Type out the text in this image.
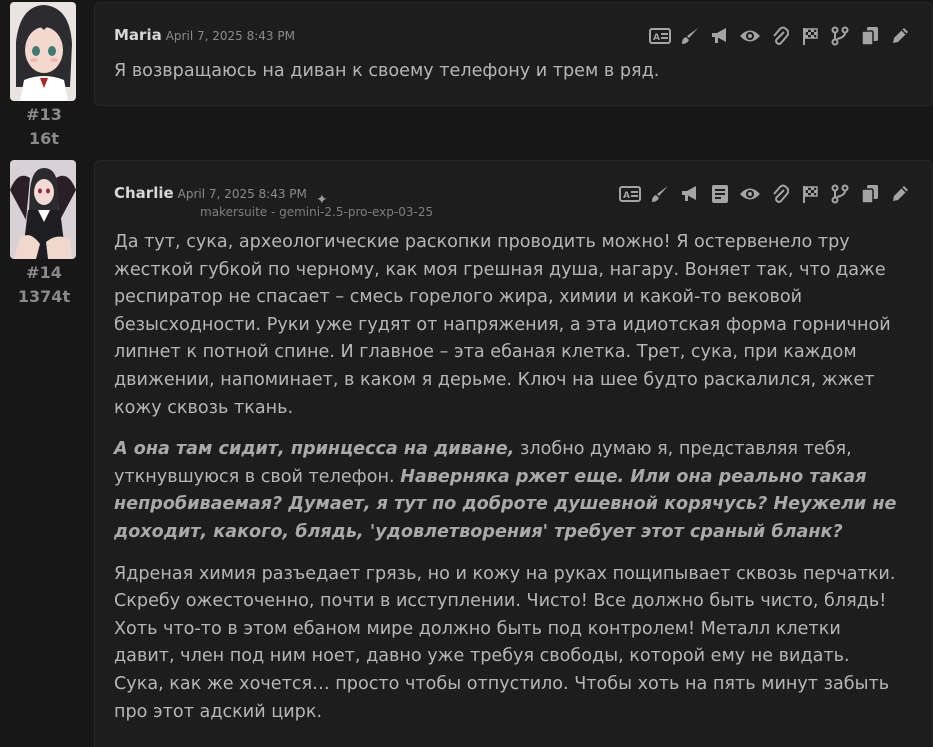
#13
16t
Maria April 7, 2025 8:43 PM	A

Я возвращаюсь на диван к своему телефону и трем в ряд.

#14
1374t
Charlie April 7, 2025 8:43 PM ✦
makersuite - gemini-2.5-pro-exp-03-25
A

Да тут, сука, археологические раскопки проводить можно! Я остервенело тру жесткой губкой по черному, как моя грешная душа, нагару. Воняет так, что даже респиратор не спасает – смесь горелого жира, химии и какой-то вековой безысходности. Руки уже гудят от напряжения, а эта идиотская форма горничной липнет к потной спине. И главное – эта ебаная клетка. Трет, сука, при каждом движении, напоминает, в каком я дерьме. Ключ на шее будто раскалился, жжет кожу сквозь ткань.

А она там сидит, принцесса на диване, злобно думаю я, представляя тебя, уткнувшуюся в свой телефон. Наверняка ржет еще. Или она реально такая непробиваемая? Думает, я тут по доброте душевной корячусь? Неужели не доходит, какого, блядь, 'удовлетворения' требует этот сраный бланк?

Ядреная химия разъедает грязь, но и кожу на руках пощипывает сквозь перчатки. Скребу ожесточенно, почти в исступлении. Чисто! Все должно быть чисто, блядь! Хоть что-то в этом ебаном мире должно быть под контролем! Металл клетки давит, член под ним ноет, давно уже требуя свободы, которой ему не видать. Сука, как же хочется… просто чтобы отпустило. Чтобы хоть на пять минут забыть про этот адский цирк.
